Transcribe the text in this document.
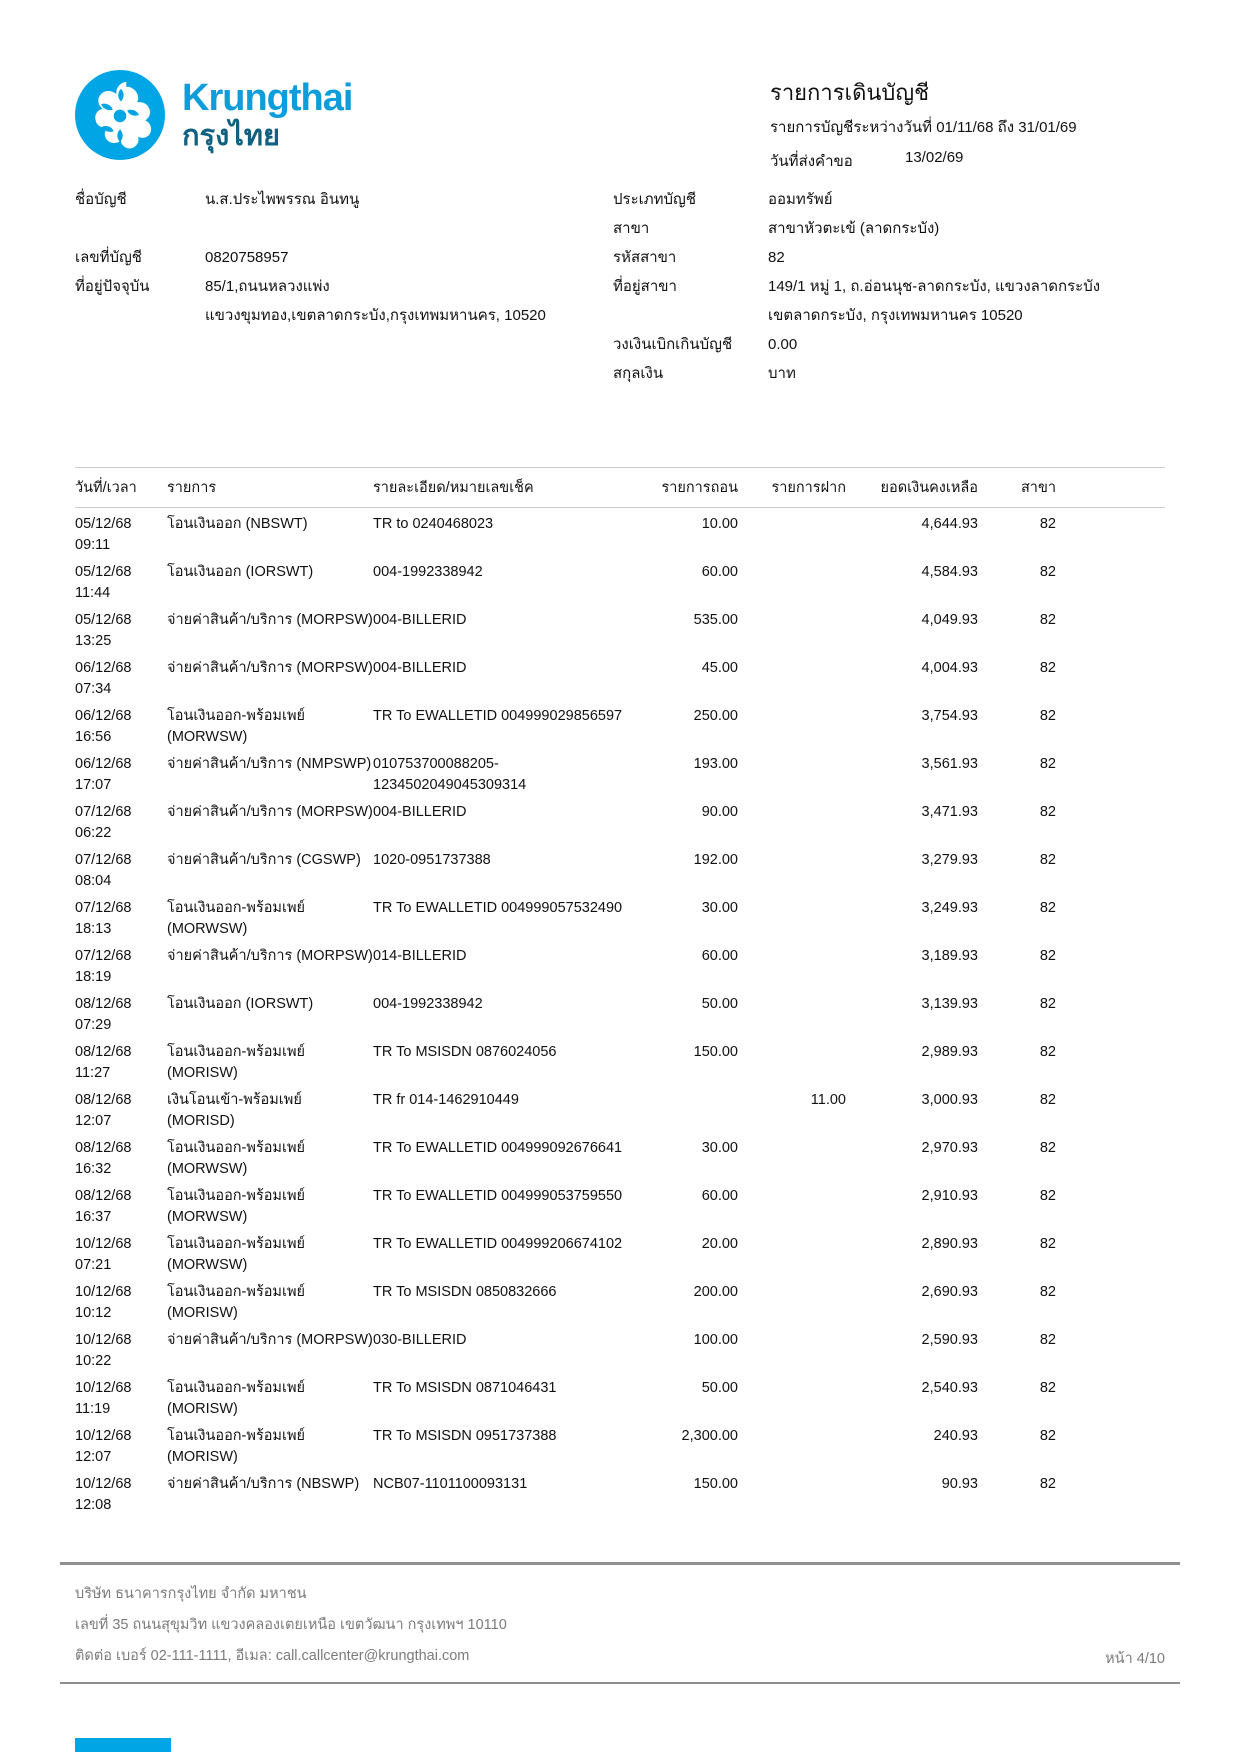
Krungthai
กรุงไทย
รายการเดินบัญชี
รายการบัญชีระหว่างวันที่ 01/11/68 ถึง 31/01/69
วันที่ส่งคำขอ	13/02/69
ชื่อบัญชี	น.ส.ประไพพรรณ อินทนู
เลขที่บัญชี	0820758957
ที่อยู่ปัจจุบัน	85/1,ถนนหลวงแพ่ง
แขวงขุมทอง,เขตลาดกระบัง,กรุงเทพมหานคร, 10520
ประเภทบัญชี	ออมทรัพย์
สาขา	สาขาหัวตะเข้ (ลาดกระบัง)
รหัสสาขา	82
ที่อยู่สาขา	149/1 หมู่ 1, ถ.อ่อนนุช-ลาดกระบัง, แขวงลาดกระบัง
เขตลาดกระบัง, กรุงเทพมหานคร 10520
วงเงินเบิกเกินบัญชี	0.00
สกุลเงิน	บาท
วันที่/เวลา	รายการ	รายละเอียด/หมายเลขเช็ค	รายการถอน	รายการฝาก	ยอดเงินคงเหลือ	สาขา	

05/12/68
09:11	โอนเงินออก (NBSWT)	TR to 0240468023	10.00		4,644.93	82	

05/12/68
11:44	โอนเงินออก (IORSWT)	004-1992338942	60.00		4,584.93	82	

05/12/68
13:25	จ่ายค่าสินค้า/บริการ (MORPSW)	004-BILLERID	535.00		4,049.93	82	

06/12/68
07:34	จ่ายค่าสินค้า/บริการ (MORPSW)	004-BILLERID	45.00		4,004.93	82	

06/12/68
16:56	โอนเงินออก-พร้อมเพย์ (MORWSW)	TR To EWALLETID 004999029856597	250.00		3,754.93	82	

06/12/68
17:07	จ่ายค่าสินค้า/บริการ (NMPSWP)	010753700088205-1234502049045309314	193.00		3,561.93	82	

07/12/68
06:22	จ่ายค่าสินค้า/บริการ (MORPSW)	004-BILLERID	90.00		3,471.93	82	

07/12/68
08:04	จ่ายค่าสินค้า/บริการ (CGSWP)	1020-0951737388	192.00		3,279.93	82	

07/12/68
18:13	โอนเงินออก-พร้อมเพย์ (MORWSW)	TR To EWALLETID 004999057532490	30.00		3,249.93	82	

07/12/68
18:19	จ่ายค่าสินค้า/บริการ (MORPSW)	014-BILLERID	60.00		3,189.93	82	

08/12/68
07:29	โอนเงินออก (IORSWT)	004-1992338942	50.00		3,139.93	82	

08/12/68
11:27	โอนเงินออก-พร้อมเพย์ (MORISW)	TR To MSISDN 0876024056	150.00		2,989.93	82	

08/12/68
12:07	เงินโอนเข้า-พร้อมเพย์ (MORISD)	TR fr 014-1462910449		11.00	3,000.93	82	

08/12/68
16:32	โอนเงินออก-พร้อมเพย์ (MORWSW)	TR To EWALLETID 004999092676641	30.00		2,970.93	82	

08/12/68
16:37	โอนเงินออก-พร้อมเพย์ (MORWSW)	TR To EWALLETID 004999053759550	60.00		2,910.93	82	

10/12/68
07:21	โอนเงินออก-พร้อมเพย์ (MORWSW)	TR To EWALLETID 004999206674102	20.00		2,890.93	82	

10/12/68
10:12	โอนเงินออก-พร้อมเพย์ (MORISW)	TR To MSISDN 0850832666	200.00		2,690.93	82	

10/12/68
10:22	จ่ายค่าสินค้า/บริการ (MORPSW)	030-BILLERID	100.00		2,590.93	82	

10/12/68
11:19	โอนเงินออก-พร้อมเพย์ (MORISW)	TR To MSISDN 0871046431	50.00		2,540.93	82	

10/12/68
12:07	โอนเงินออก-พร้อมเพย์ (MORISW)	TR To MSISDN 0951737388	2,300.00		240.93	82	

10/12/68
12:08	จ่ายค่าสินค้า/บริการ (NBSWP)	NCB07-1101100093131	150.00		90.93	82	
บริษัท ธนาคารกรุงไทย จำกัด มหาชน
เลขที่ 35 ถนนสุขุมวิท แขวงคลองเตยเหนือ เขตวัฒนา กรุงเทพฯ 10110
ติดต่อ เบอร์ 02-111-1111, อีเมล: call.callcenter@krungthai.com	หน้า 4/10
